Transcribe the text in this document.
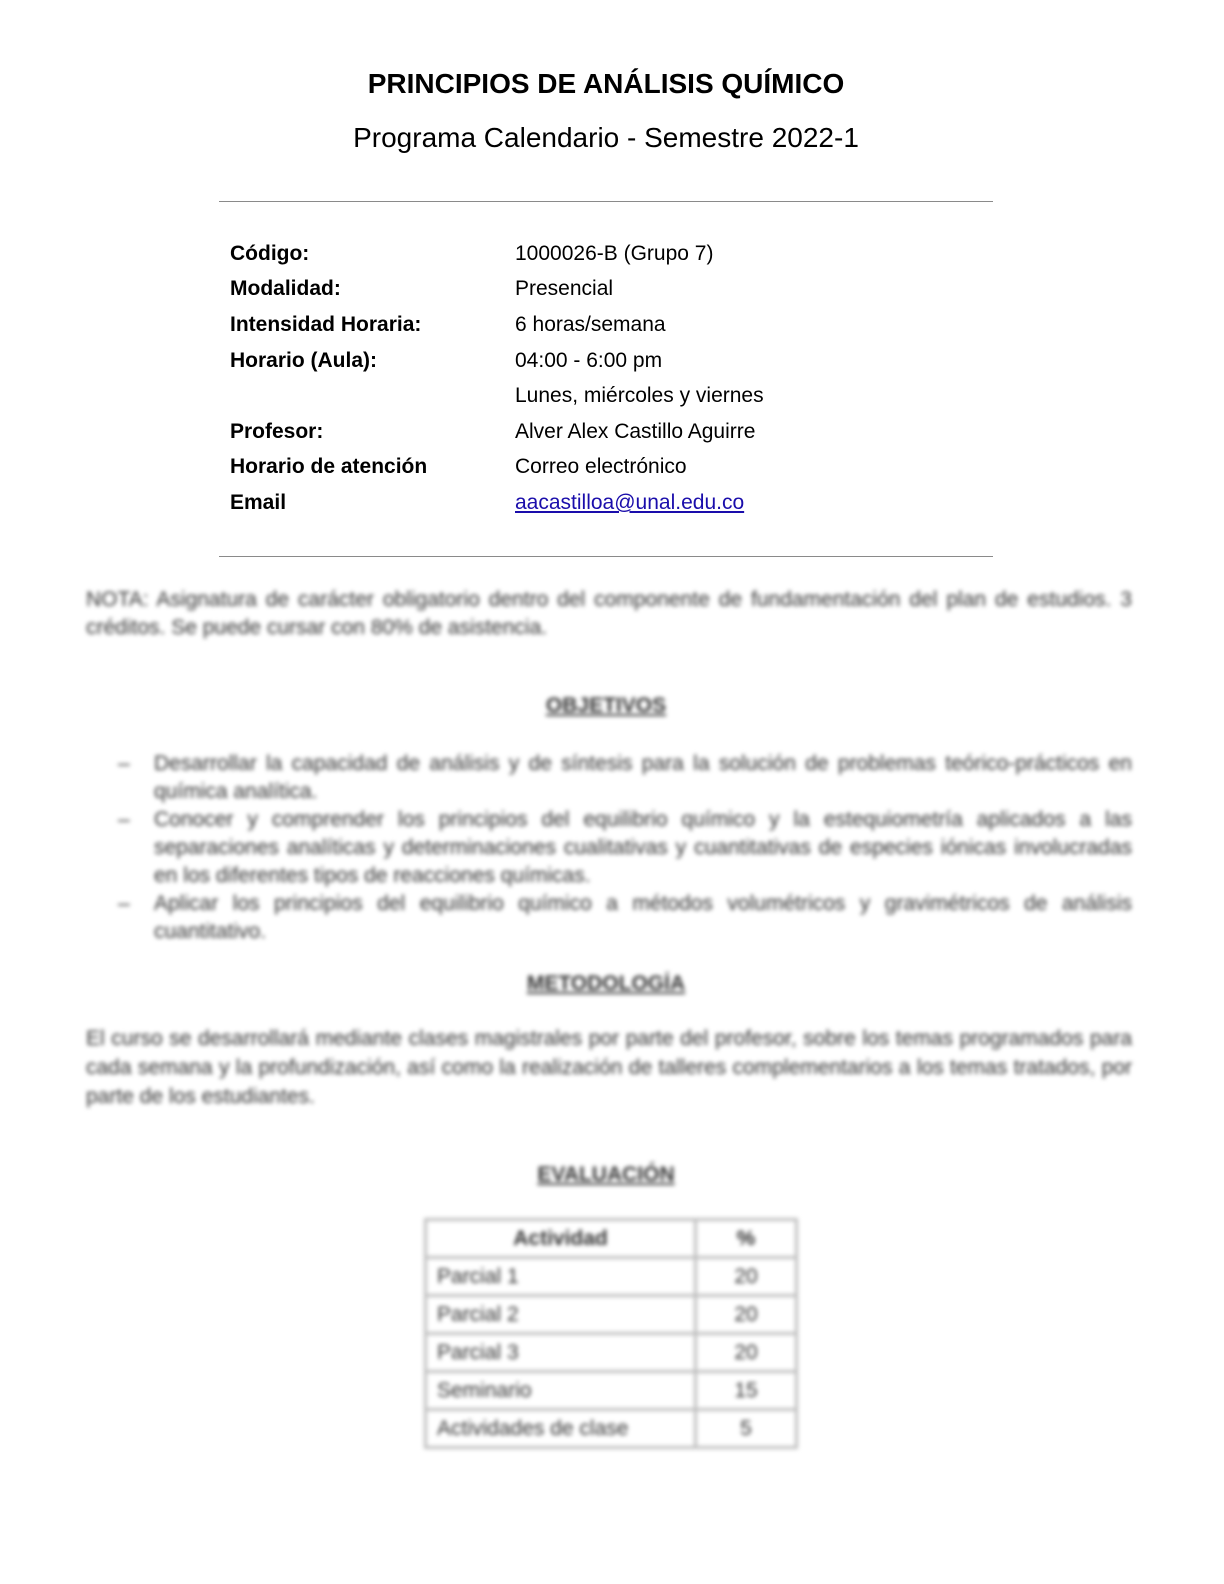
PRINCIPIOS DE ANÁLISIS QUÍMICO
Programa Calendario - Semestre 2022-1
Código:	1000026-B (Grupo 7)
Modalidad:	Presencial
Intensidad Horaria:	6 horas/semana
Horario (Aula):	04:00 - 6:00 pm
Lunes, miércoles y viernes
Profesor:	Alver Alex Castillo Aguirre
Horario de atención	Correo electrónico
Email	aacastilloa@unal.edu.co

NOTA: Asignatura de carácter obligatorio dentro del componente de fundamentación del plan de estudios. 3 créditos. Se puede cursar con 80% de asistencia.

OBJETIVOS
– Desarrollar la capacidad de análisis y de síntesis para la solución de problemas teórico-prácticos en química analítica.
– Conocer y comprender los principios del equilibrio químico y la estequiometría aplicados a las separaciones analíticas y determinaciones cualitativas y cuantitativas de especies iónicas involucradas en los diferentes tipos de reacciones químicas.
– Aplicar los principios del equilibrio químico a métodos volumétricos y gravimétricos de análisis cuantitativo.
METODOLOGÍA

El curso se desarrollará mediante clases magistrales por parte del profesor, sobre los temas programados para cada semana y la profundización, así como la realización de talleres complementarios a los temas tratados, por parte de los estudiantes.

EVALUACIÓN
Actividad	%
Parcial 1	20
Parcial 2	20
Parcial 3	20
Seminario	15
Actividades de clase	5
